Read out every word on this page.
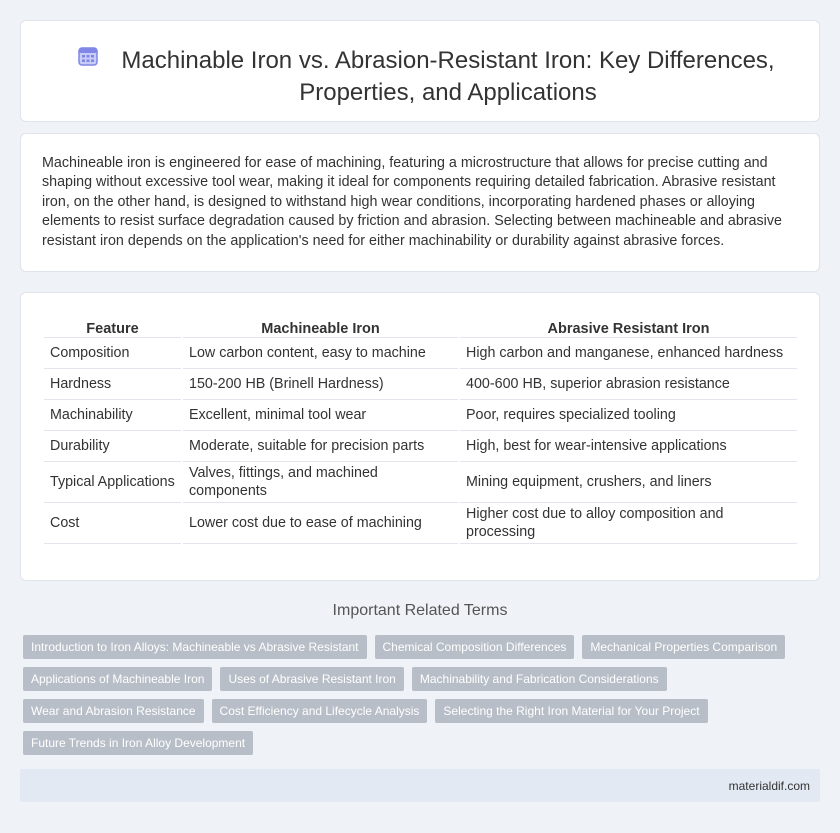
Machinable Iron vs. Abrasion-Resistant Iron: Key Differences, Properties, and Applications

Machineable iron is engineered for ease of machining, featuring a microstructure that allows for precise cutting and shaping without excessive tool wear, making it ideal for components requiring detailed fabrication. Abrasive resistant iron, on the other hand, is designed to withstand high wear conditions, incorporating hardened phases or alloying elements to resist surface degradation caused by friction and abrasion. Selecting between machineable and abrasive resistant iron depends on the application's need for either machinability or durability against abrasive forces.

Feature	Machineable Iron	Abrasive Resistant Iron
Composition	Low carbon content, easy to machine	High carbon and manganese, enhanced hardness
Hardness	150-200 HB (Brinell Hardness)	400-600 HB, superior abrasion resistance
Machinability	Excellent, minimal tool wear	Poor, requires specialized tooling
Durability	Moderate, suitable for precision parts	High, best for wear-intensive applications
Typical Applications	Valves, fittings, and machined components	Mining equipment, crushers, and liners
Cost	Lower cost due to ease of machining	Higher cost due to alloy composition and processing
Important Related Terms
Introduction to Iron Alloys: Machineable vs Abrasive Resistant	Chemical Composition Differences	Mechanical Properties Comparison
Applications of Machineable Iron	Uses of Abrasive Resistant Iron	Machinability and Fabrication Considerations
Wear and Abrasion Resistance	Cost Efficiency and Lifecycle Analysis	Selecting the Right Iron Material for Your Project
Future Trends in Iron Alloy Development
materialdif.com
